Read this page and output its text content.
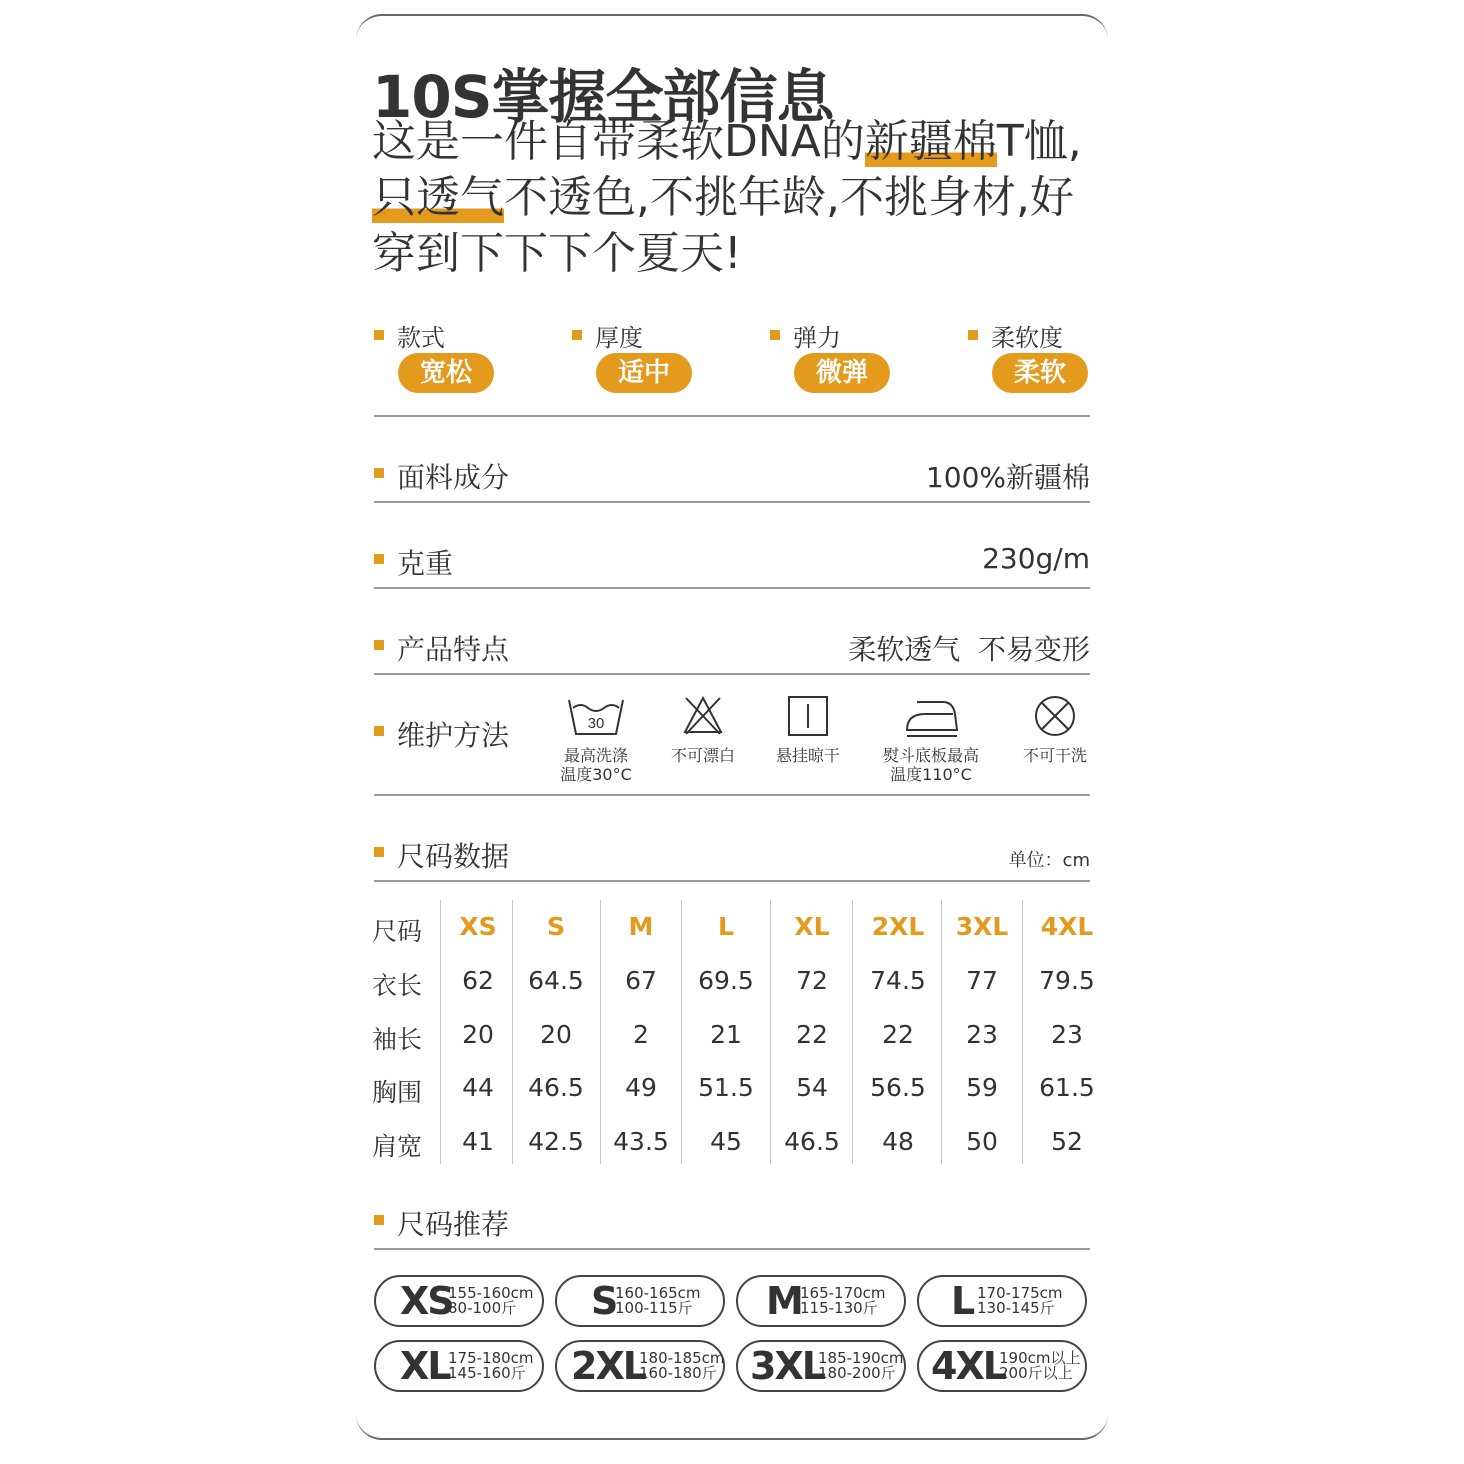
10S掌握全部信息
这是一件自带柔软DNA的新疆棉T恤,
只透气不透色,不挑年龄,不挑身材,好
穿到下下下个夏天!
款式
宽松
厚度
适中
弹力
微弹
柔软度
柔软
面料成分	100%新疆棉
克重	230g/m
产品特点	柔软透气  不易变形
维护方法	30
最高洗涤
温度30°C
不可漂白	悬挂晾干	熨斗底板最高
温度110°C
不可干洗
尺码数据	单位：cm
尺码	XS	S	M	L	XL	2XL	3XL	4XL
衣长	62	64.5	67	69.5	72	74.5	77	79.5
袖长	20	20	2	21	22	22	23	23
胸围	44	46.5	49	51.5	54	56.5	59	61.5
肩宽	41	42.5	43.5	45	46.5	48	50	52
尺码推荐
XS
155-160cm
80-100斤	S
160-165cm
100-115斤 M
165-170cm
115-130斤 L 170-175cm
130-145斤
XL
175-180cm
145-160斤 2XL
180-185cm
160-180斤 3XL
185-190cm
180-200斤 4XL
190cm以上
200斤以上
